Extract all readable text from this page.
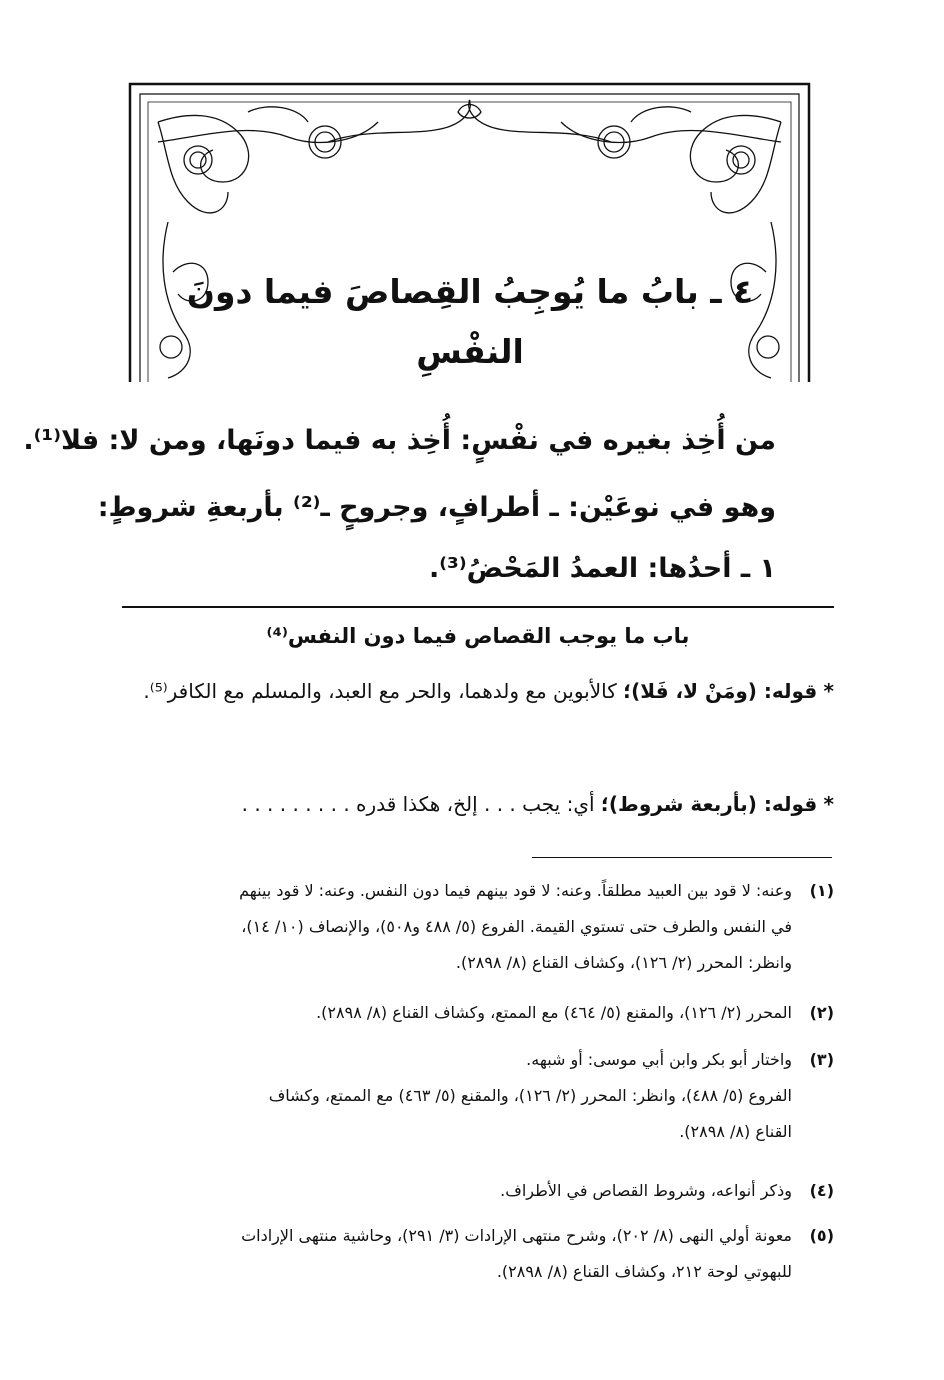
٤ ـ بابُ ما يُوجِبُ القِصاصَ فيما دونَ النفْسِ
من أُخِذ بغيره في نفْسٍ: أُخِذ به فيما دونَها، ومن لا: فلا⁽¹⁾.
وهو في نوعَيْن: ـ أطرافٍ، وجروحٍ ـ⁽²⁾ بأربعةِ شروطٍ:
١ ـ أحدُها: العمدُ المَحْضُ⁽³⁾.
باب ما يوجب القصاص فيما دون النفس⁽⁴⁾
* قوله: (ومَنْ لا، فَلا)؛ كالأبوين مع ولدهما، والحر مع العبد، والمسلم مع الكافر⁽⁵⁾.
* قوله: (بأربعة شروط)؛ أي: يجب . . . إلخ، هكذا قدره . . . . . . . . .
(١)
وعنه: لا قود بين العبيد مطلقاً. وعنه: لا قود بينهم فيما دون النفس. وعنه: لا قود بينهم
في النفس والطرف حتى تستوي القيمة. الفروع (٥/ ٤٨٨ و٥٠٨)، والإنصاف (١٠/ ١٤)،
وانظر: المحرر (٢/ ١٢٦)، وكشاف القناع (٨/ ٢٨٩٨).
(٢)
المحرر (٢/ ١٢٦)، والمقنع (٥/ ٤٦٤) مع الممتع، وكشاف القناع (٨/ ٢٨٩٨).
(٣)
واختار أبو بكر وابن أبي موسى: أو شبهه.
الفروع (٥/ ٤٨٨)، وانظر: المحرر (٢/ ١٢٦)، والمقنع (٥/ ٤٦٣) مع الممتع، وكشاف
القناع (٨/ ٢٨٩٨).
(٤)
وذكر أنواعه، وشروط القصاص في الأطراف.
(٥)
معونة أولي النهى (٨/ ٢٠٢)، وشرح منتهى الإرادات (٣/ ٢٩١)، وحاشية منتهى الإرادات
للبهوتي لوحة ٢١٢، وكشاف القناع (٨/ ٢٨٩٨).
